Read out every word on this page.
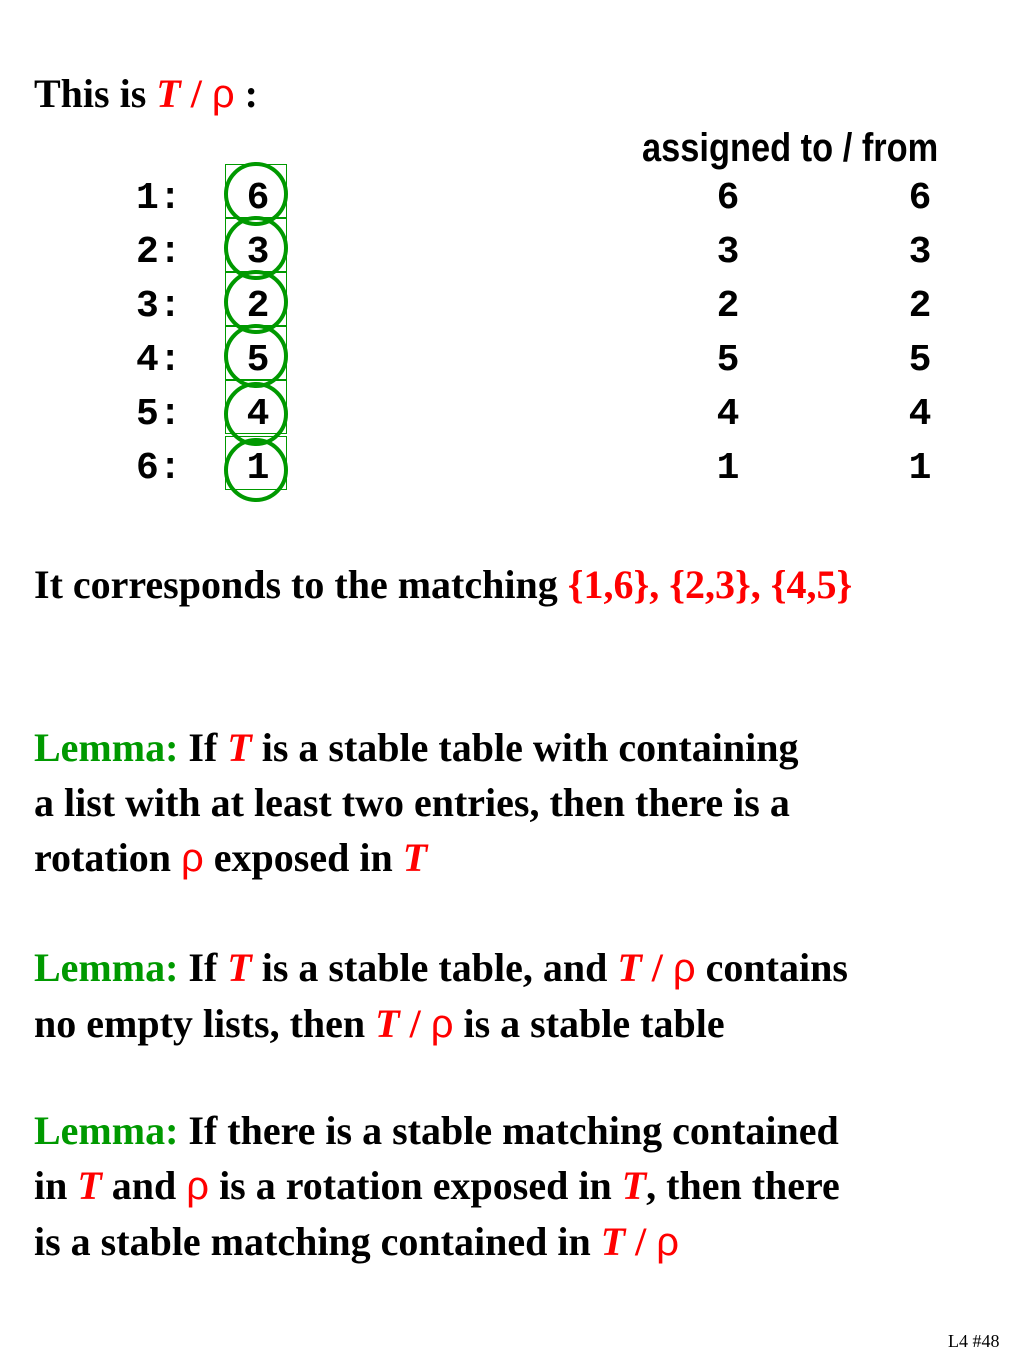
This is T / ρ :
assigned to / from
1:	6	6	6
2:	3	3	3
3:	2	2	2
4:	5	5	5
5:	4	4	4
6:	1	1	1
It corresponds to the matching {1,6}, {2,3}, {4,5}
Lemma: If T is a stable table with containing
a list with at least two entries, then there is a
rotation ρ exposed in T
Lemma: If T is a stable table, and T / ρ contains
no empty lists, then T / ρ is a stable table
Lemma: If there is a stable matching contained
in T and ρ is a rotation exposed in T, then there
is a stable matching contained in T / ρ
L4 #48
